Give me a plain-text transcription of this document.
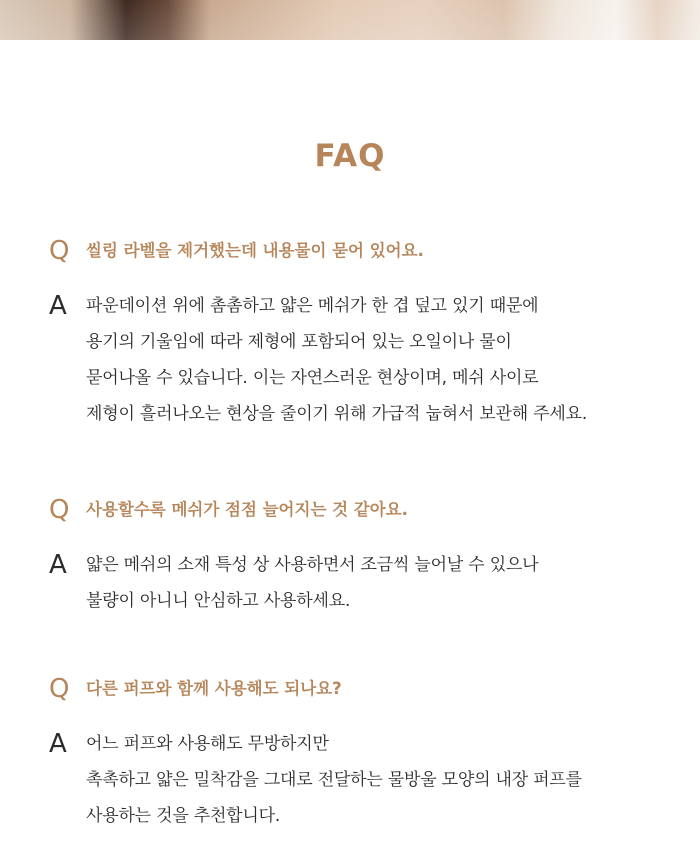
FAQ
Q 씰링 라벨을 제거했는데 내용물이 묻어 있어요.
A 파운데이션 위에 촘촘하고 얇은 메쉬가 한 겹 덮고 있기 때문에
용기의 기울임에 따라 제형에 포함되어 있는 오일이나 물이
묻어나올 수 있습니다. 이는 자연스러운 현상이며, 메쉬 사이로
제형이 흘러나오는 현상을 줄이기 위해 가급적 눕혀서 보관해 주세요.
Q 사용할수록 메쉬가 점점 늘어지는 것 같아요.
A 얇은 메쉬의 소재 특성 상 사용하면서 조금씩 늘어날 수 있으나
불량이 아니니 안심하고 사용하세요.
Q 다른 퍼프와 함께 사용해도 되나요?
A 어느 퍼프와 사용해도 무방하지만
촉촉하고 얇은 밀착감을 그대로 전달하는 물방울 모양의 내장 퍼프를
사용하는 것을 추천합니다.
